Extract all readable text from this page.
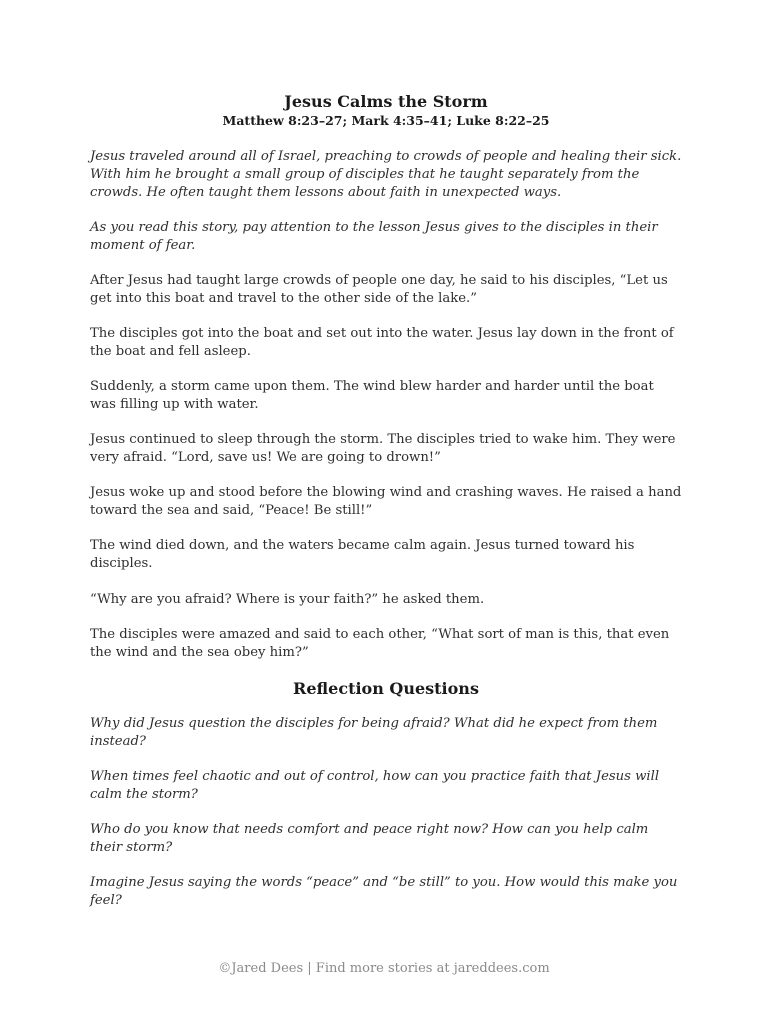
Jesus Calms the Storm
Matthew 8:23–27; Mark 4:35–41; Luke 8:22–25

Jesus traveled around all of Israel, preaching to crowds of people and healing their sick. With him he brought a small group of disciples that he taught separately from the crowds. He often taught them lessons about faith in unexpected ways.

As you read this story, pay attention to the lesson Jesus gives to the disciples in their moment of fear.

After Jesus had taught large crowds of people one day, he said to his disciples, “Let us get into this boat and travel to the other side of the lake.”

The disciples got into the boat and set out into the water. Jesus lay down in the front of the boat and fell asleep.

Suddenly, a storm came upon them. The wind blew harder and harder until the boat was filling up with water.

Jesus continued to sleep through the storm. The disciples tried to wake him. They were very afraid. “Lord, save us! We are going to drown!”

Jesus woke up and stood before the blowing wind and crashing waves. He raised a hand toward the sea and said, “Peace! Be still!”

The wind died down, and the waters became calm again. Jesus turned toward his disciples.

“Why are you afraid? Where is your faith?” he asked them.

The disciples were amazed and said to each other, “What sort of man is this, that even the wind and the sea obey him?”

Reflection Questions

Why did Jesus question the disciples for being afraid? What did he expect from them instead?

When times feel chaotic and out of control, how can you practice faith that Jesus will calm the storm?

Who do you know that needs comfort and peace right now? How can you help calm their storm?

Imagine Jesus saying the words “peace” and “be still” to you. How would this make you feel?

©Jared Dees | Find more stories at jareddees.com
